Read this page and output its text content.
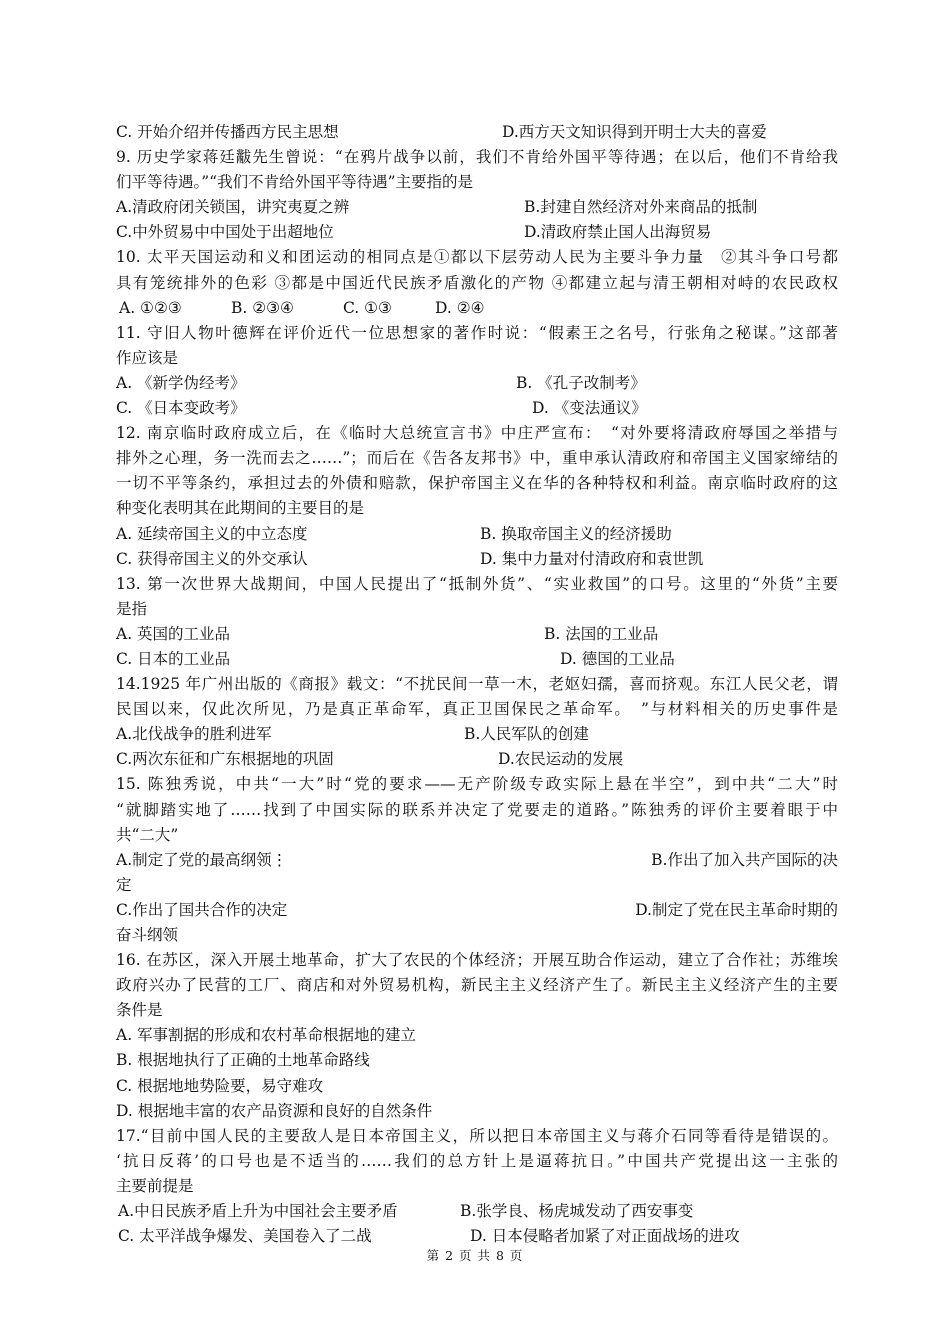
C. 开始介绍并传播西方民主思想	D.西方天文知识得到开明士大夫的喜爱
9. 历史学家蒋廷黻先生曾说：“在鸦片战争以前，我们不肯给外国平等待遇；在以后，他们不肯给我
们平等待遇。”“我们不肯给外国平等待遇”主要指的是
A.清政府闭关锁国，讲究夷夏之辨	B.封建自然经济对外来商品的抵制
C.中外贸易中中国处于出超地位	D.清政府禁止国人出海贸易
10. 太平天国运动和义和团运动的相同点是①都以下层劳动人民为主要斗争力量　②其斗争口号都
具有笼统排外的色彩 ③都是中国近代民族矛盾激化的产物 ④都建立起与清王朝相对峙的农民政权
A. ①②③	B. ②③④	C. ①③	D. ②④
11. 守旧人物叶德辉在评价近代一位思想家的著作时说：“假素王之名号，行张角之秘谋。”这部著
作应该是
A. 《新学伪经考》	B. 《孔子改制考》
C. 《日本变政考》	D. 《变法通议》
12. 南京临时政府成立后，在《临时大总统宣言书》中庄严宣布：　“对外要将清政府辱国之举措与
排外之心理，务一洗而去之……”；而后在《告各友邦书》中，重申承认清政府和帝国主义国家缔结的
一切不平等条约，承担过去的外债和赔款，保护帝国主义在华的各种特权和利益。南京临时政府的这
种变化表明其在此期间的主要目的是
A. 延续帝国主义的中立态度	B. 换取帝国主义的经济援助
C. 获得帝国主义的外交承认	D. 集中力量对付清政府和袁世凯
13. 第一次世界大战期间，中国人民提出了“抵制外货”、“实业救国”的口号。这里的“外货”主要
是指
A. 英国的工业品	B. 法国的工业品
C. 日本的工业品	D. 德国的工业品
14.1925 年广州出版的《商报》载文：“不扰民间一草一木，老妪妇孺，喜而挤观。东江人民父老，谓
民国以来，仅此次所见，乃是真正革命军，真正卫国保民之革命军。　”与材料相关的历史事件是
A.北伐战争的胜利进军	B.人民军队的创建
C.两次东征和广东根据地的巩固	D.农民运动的发展
15. 陈独秀说，中共“一大”时“党的要求——无产阶级专政实际上悬在半空”，到中共“二大”时
“就脚踏实地了……找到了中国实际的联系并决定了党要走的道路。”陈独秀的评价主要着眼于中
共“二大”
A.制定了党的最高纲领⋮	B.作出了加入共产国际的决
定
C.作出了国共合作的决定	D.制定了党在民主革命时期的
奋斗纲领
16. 在苏区，深入开展土地革命，扩大了农民的个体经济；开展互助合作运动，建立了合作社；苏维埃
政府兴办了民营的工厂、商店和对外贸易机构，新民主主义经济产生了。新民主主义经济产生的主要
条件是
A. 军事割据的形成和农村革命根据地的建立
B. 根据地执行了正确的土地革命路线
C. 根据地地势险要，易守难攻
D. 根据地丰富的农产品资源和良好的自然条件
17.“目前中国人民的主要敌人是日本帝国主义，所以把日本帝国主义与蒋介石同等看待是错误的。
‘抗日反蒋’的口号也是不适当的……我们的总方针上是逼蒋抗日。”中国共产党提出这一主张的
主要前提是
A.中日民族矛盾上升为中国社会主要矛盾	B.张学良、杨虎城发动了西安事变
C. 太平洋战争爆发、美国卷入了二战	D. 日本侵略者加紧了对正面战场的进攻
第 2 页 共 8 页
